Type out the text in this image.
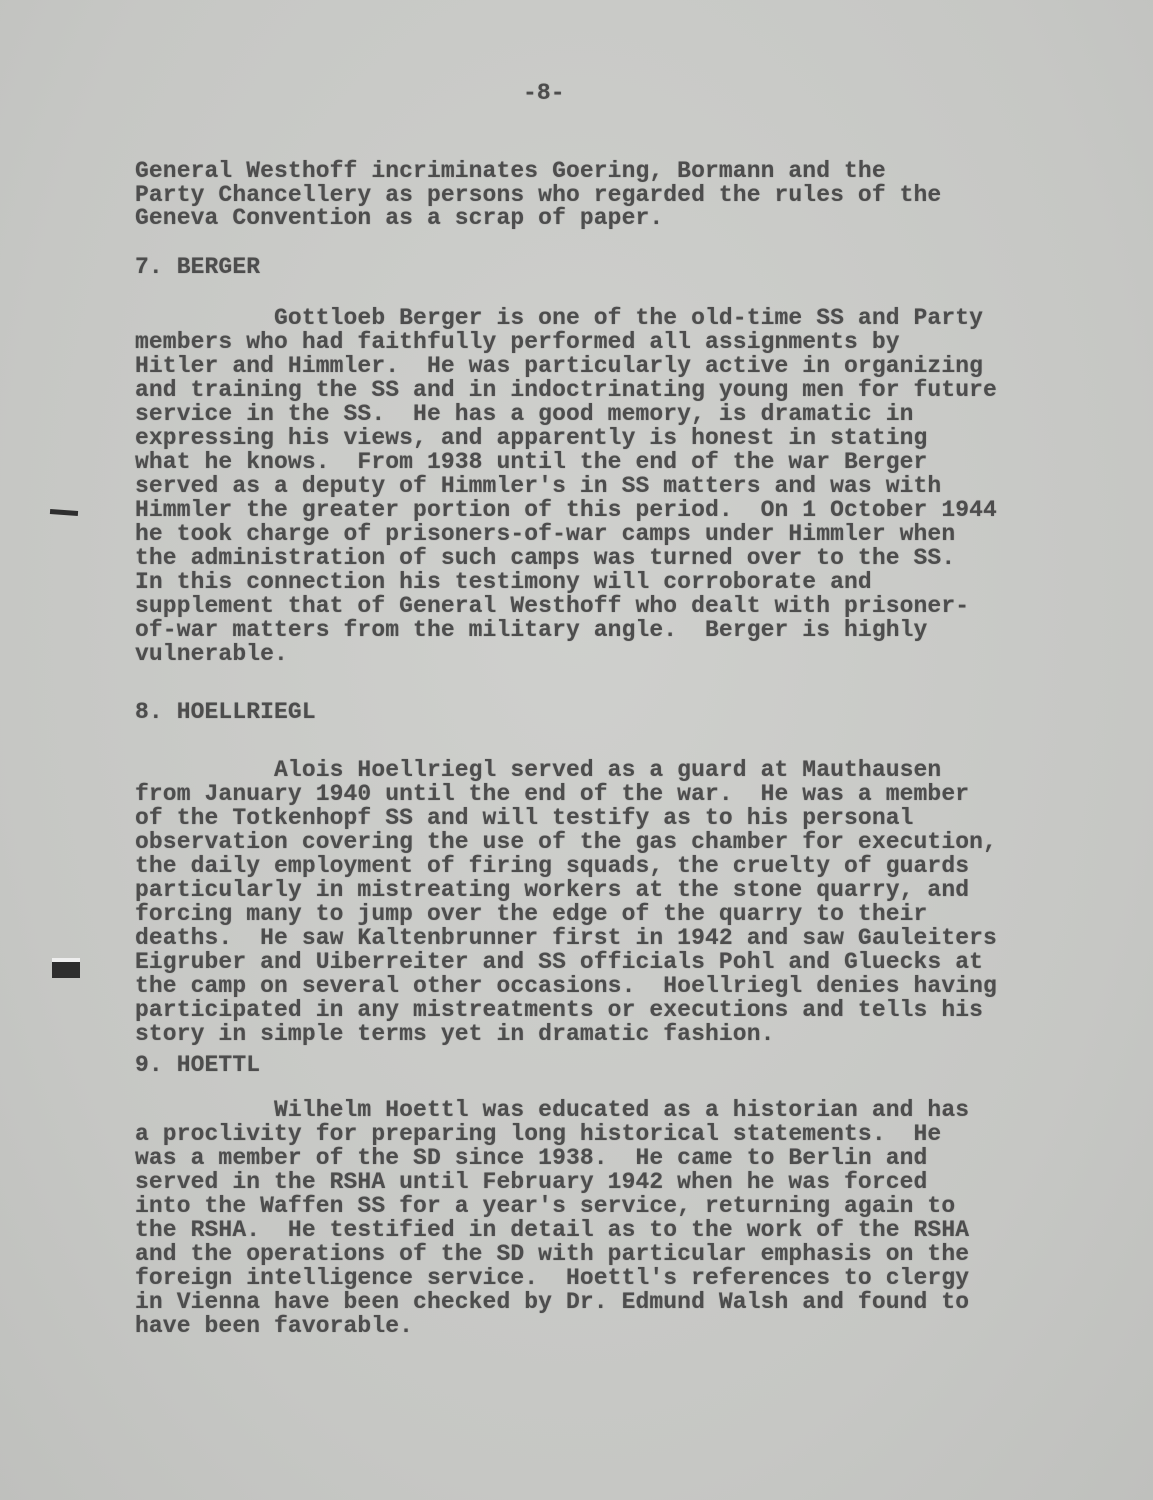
-8-
General Westhoff incriminates Goering, Bormann and the
Party Chancellery as persons who regarded the rules of the
Geneva Convention as a scrap of paper.
7. BERGER
Gottloeb Berger is one of the old-time SS and Party
members who had faithfully performed all assignments by
Hitler and Himmler.  He was particularly active in organizing
and training the SS and in indoctrinating young men for future
service in the SS.  He has a good memory, is dramatic in
expressing his views, and apparently is honest in stating
what he knows.  From 1938 until the end of the war Berger
served as a deputy of Himmler's in SS matters and was with
Himmler the greater portion of this period.  On 1 October 1944
he took charge of prisoners-of-war camps under Himmler when
the administration of such camps was turned over to the SS.
In this connection his testimony will corroborate and
supplement that of General Westhoff who dealt with prisoner-
of-war matters from the military angle.  Berger is highly
vulnerable.
8. HOELLRIEGL
Alois Hoellriegl served as a guard at Mauthausen
from January 1940 until the end of the war.  He was a member
of the Totkenhopf SS and will testify as to his personal
observation covering the use of the gas chamber for execution,
the daily employment of firing squads, the cruelty of guards
particularly in mistreating workers at the stone quarry, and
forcing many to jump over the edge of the quarry to their
deaths.  He saw Kaltenbrunner first in 1942 and saw Gauleiters
Eigruber and Uiberreiter and SS officials Pohl and Gluecks at
the camp on several other occasions.  Hoellriegl denies having
participated in any mistreatments or executions and tells his
story in simple terms yet in dramatic fashion.
9. HOETTL
Wilhelm Hoettl was educated as a historian and has
a proclivity for preparing long historical statements.  He
was a member of the SD since 1938.  He came to Berlin and
served in the RSHA until February 1942 when he was forced
into the Waffen SS for a year's service, returning again to
the RSHA.  He testified in detail as to the work of the RSHA
and the operations of the SD with particular emphasis on the
foreign intelligence service.  Hoettl's references to clergy
in Vienna have been checked by Dr. Edmund Walsh and found to
have been favorable.
